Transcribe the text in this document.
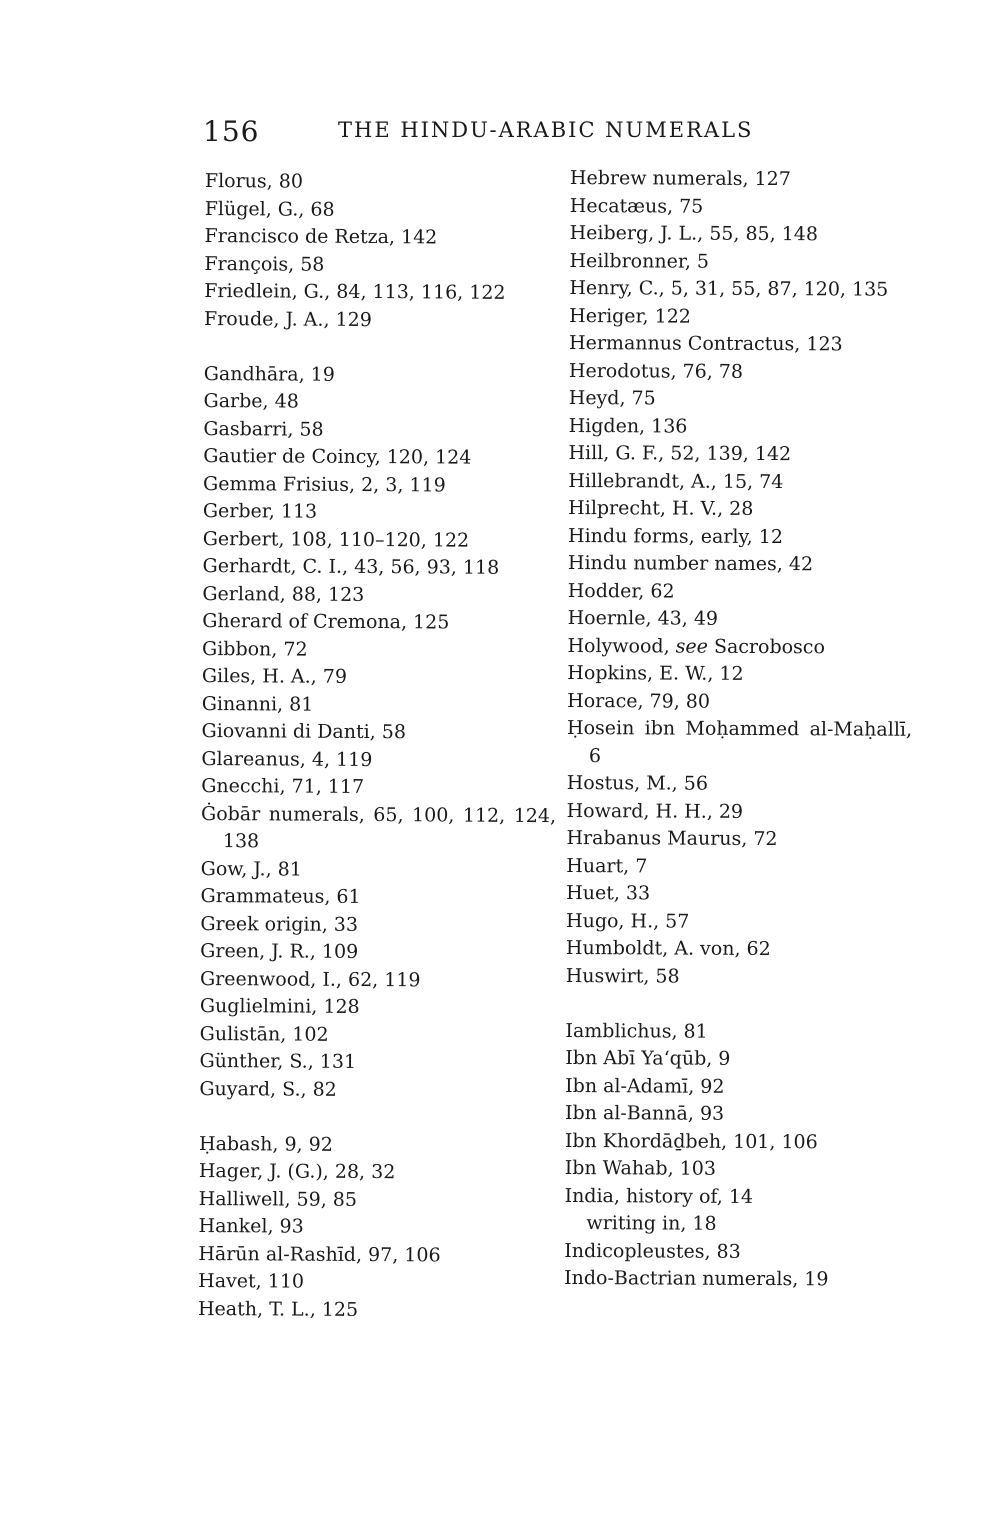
156	THE HINDU-ARABIC NUMERALS
Florus, 80
Flügel, G., 68
Francisco de Retza, 142
François, 58
Friedlein, G., 84, 113, 116, 122
Froude, J. A., 129
Gandhāra, 19
Garbe, 48
Gasbarri, 58
Gautier de Coincy, 120, 124
Gemma Frisius, 2, 3, 119
Gerber, 113
Gerbert, 108, 110–120, 122
Gerhardt, C. I., 43, 56, 93, 118
Gerland, 88, 123
Gherard of Cremona, 125
Gibbon, 72
Giles, H. A., 79
Ginanni, 81
Giovanni di Danti, 58
Glareanus, 4, 119
Gnecchi, 71, 117
Ġobār numerals, 65, 100, 112, 124, 138
Gow, J., 81
Grammateus, 61
Greek origin, 33
Green, J. R., 109
Greenwood, I., 62, 119
Guglielmini, 128
Gulistān, 102
Günther, S., 131
Guyard, S., 82
Ḥabash, 9, 92
Hager, J. (G.), 28, 32
Halliwell, 59, 85
Hankel, 93
Hārūn al-Rashīd, 97, 106
Havet, 110
Heath, T. L., 125
Hebrew numerals, 127
Hecatæus, 75
Heiberg, J. L., 55, 85, 148
Heilbronner, 5
Henry, C., 5, 31, 55, 87, 120, 135
Heriger, 122
Hermannus Contractus, 123
Herodotus, 76, 78
Heyd, 75
Higden, 136
Hill, G. F., 52, 139, 142
Hillebrandt, A., 15, 74
Hilprecht, H. V., 28
Hindu forms, early, 12
Hindu number names, 42
Hodder, 62
Hoernle, 43, 49
Holywood, see Sacrobosco
Hopkins, E. W., 12
Horace, 79, 80
Ḥosein ibn Moḥammed al-Maḥallī, 6
Hostus, M., 56
Howard, H. H., 29
Hrabanus Maurus, 72
Huart, 7
Huet, 33
Hugo, H., 57
Humboldt, A. von, 62
Huswirt, 58
Iamblichus, 81
Ibn Abī Ya‘qūb, 9
Ibn al-Adamī, 92
Ibn al-Bannā, 93
Ibn Khordāḏbeh, 101, 106
Ibn Wahab, 103
India, history of, 14
writing in, 18
Indicopleustes, 83
Indo-Bactrian numerals, 19
